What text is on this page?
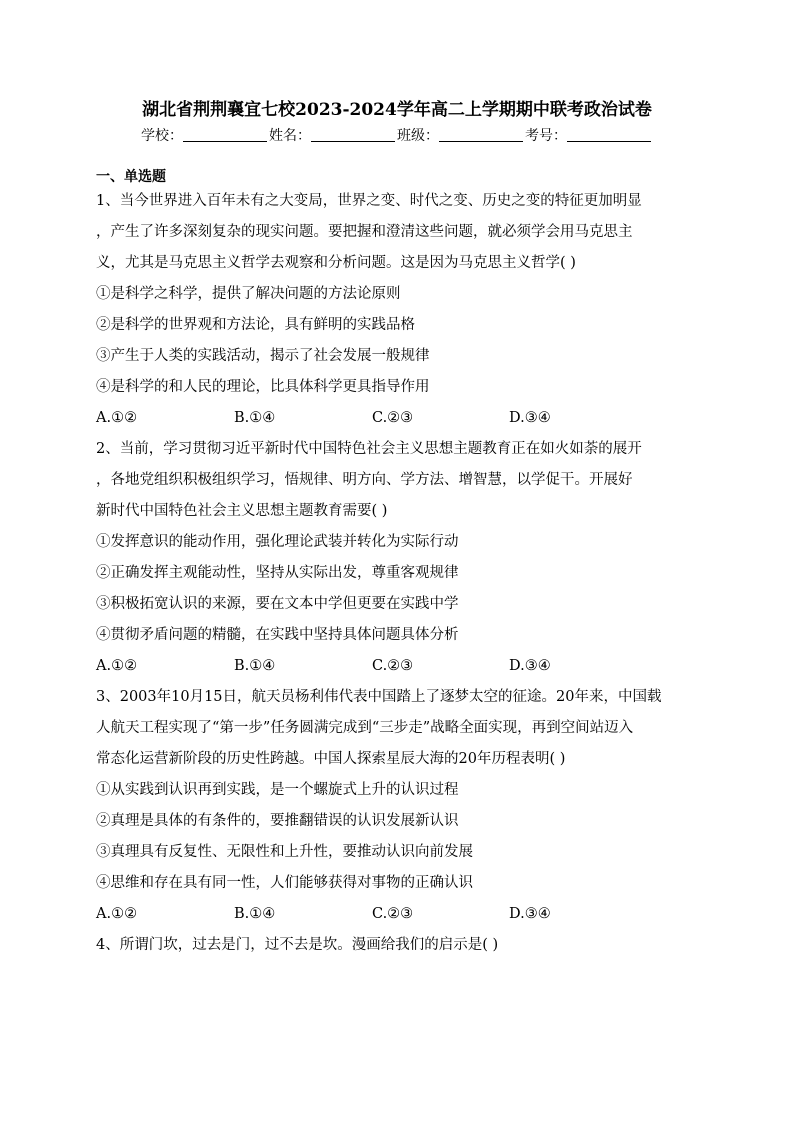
湖北省荆荆襄宜七校2023-2024学年高二上学期期中联考政治试卷
学校：	姓名：	班级：	考号：
一、单选题
1、当今世界进入百年未有之大变局，世界之变、时代之变、历史之变的特征更加明显
，产生了许多深刻复杂的现实问题。要把握和澄清这些问题，就必须学会用马克思主
义，尤其是马克思主义哲学去观察和分析问题。这是因为马克思主义哲学( )
①是科学之科学，提供了解决问题的方法论原则
②是科学的世界观和方法论，具有鲜明的实践品格
③产生于人类的实践活动，揭示了社会发展一般规律
④是科学的和人民的理论，比具体科学更具指导作用
A.①②	B.①④	C.②③	D.③④
2、当前，学习贯彻习近平新时代中国特色社会主义思想主题教育正在如火如荼的展开
，各地党组织积极组织学习，悟规律、明方向、学方法、增智慧，以学促干。开展好
新时代中国特色社会主义思想主题教育需要( )
①发挥意识的能动作用，强化理论武装并转化为实际行动
②正确发挥主观能动性，坚持从实际出发，尊重客观规律
③积极拓宽认识的来源，要在文本中学但更要在实践中学
④贯彻矛盾问题的精髓，在实践中坚持具体问题具体分析
A.①②	B.①④	C.②③	D.③④
3、2003年10月15日，航天员杨利伟代表中国踏上了逐梦太空的征途。20年来，中国载
人航天工程实现了“第一步”任务圆满完成到“三步走”战略全面实现，再到空间站迈入
常态化运营新阶段的历史性跨越。中国人探索星辰大海的20年历程表明( )
①从实践到认识再到实践，是一个螺旋式上升的认识过程
②真理是具体的有条件的，要推翻错误的认识发展新认识
③真理具有反复性、无限性和上升性，要推动认识向前发展
④思维和存在具有同一性，人们能够获得对事物的正确认识
A.①②	B.①④	C.②③	D.③④
4、所谓门坎，过去是门，过不去是坎。漫画给我们的启示是( )
